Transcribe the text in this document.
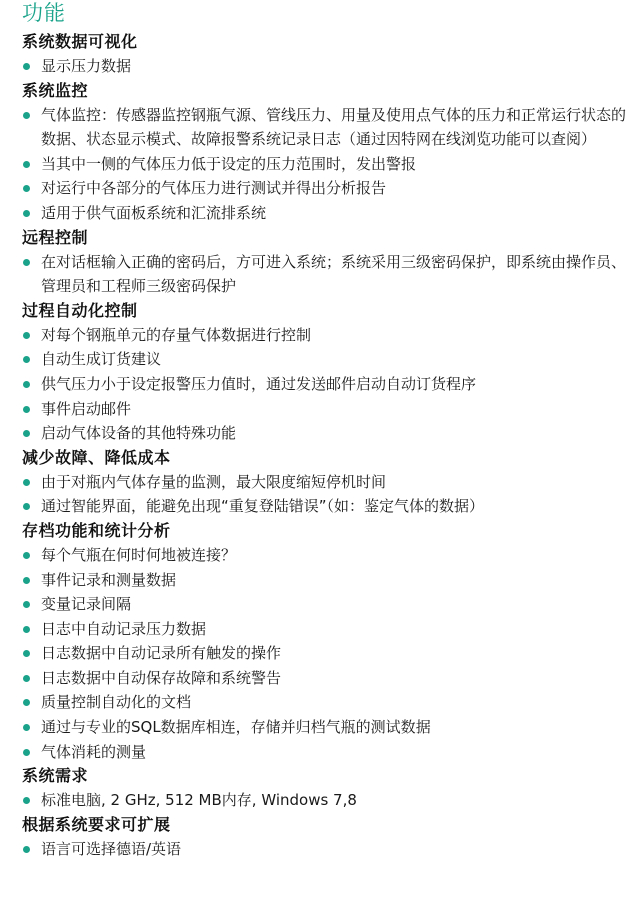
功能
系统数据可视化
显示压力数据
系统监控
气体监控：传感器监控钢瓶气源、管线压力、用量及使用点气体的压力和正常运行状态的数据、状态显示模式、故障报警系统记录日志（通过因特网在线浏览功能可以查阅）
当其中一侧的气体压力低于设定的压力范围时，发出警报
对运行中各部分的气体压力进行测试并得出分析报告
适用于供气面板系统和汇流排系统
远程控制
在对话框输入正确的密码后，方可进入系统；系统采用三级密码保护，即系统由操作员、管理员和工程师三级密码保护
过程自动化控制
对每个钢瓶单元的存量气体数据进行控制
自动生成订货建议
供气压力小于设定报警压力值时，通过发送邮件启动自动订货程序
事件启动邮件
启动气体设备的其他特殊功能
减少故障、降低成本
由于对瓶内气体存量的监测，最大限度缩短停机时间
通过智能界面，能避免出现“重复登陆错误”（如：鉴定气体的数据）
存档功能和统计分析
每个气瓶在何时何地被连接？
事件记录和测量数据
变量记录间隔
日志中自动记录压力数据
日志数据中自动记录所有触发的操作
日志数据中自动保存故障和系统警告
质量控制自动化的文档
通过与专业的SQL数据库相连，存储并归档气瓶的测试数据
气体消耗的测量
系统需求
标准电脑, 2 GHz, 512 MB内存, Windows 7,8
根据系统要求可扩展
语言可选择德语/英语
